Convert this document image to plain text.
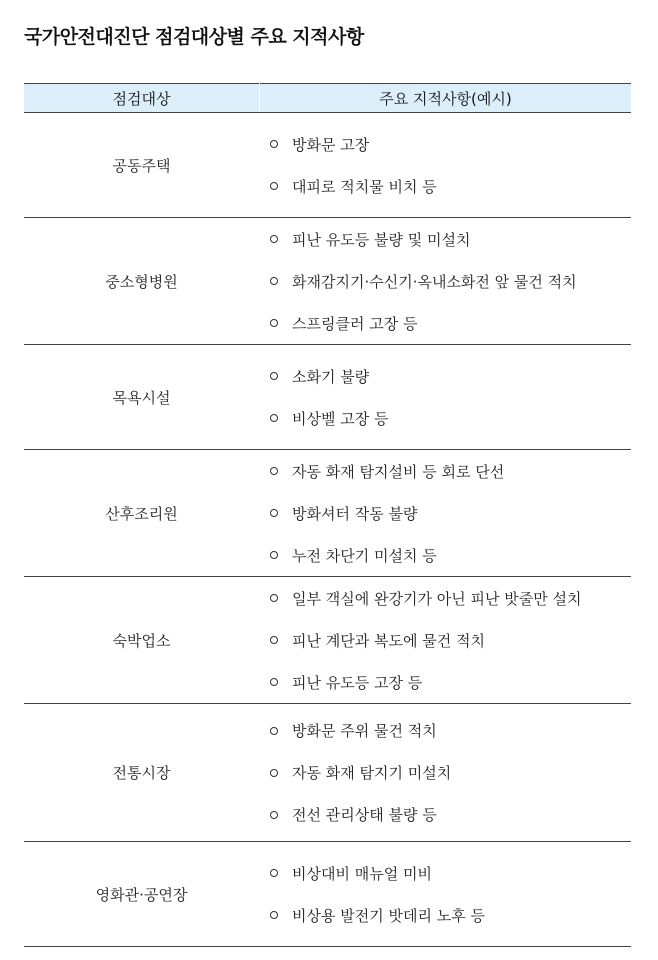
국가안전대진단 점검대상별 주요 지적사항
점검대상	주요 지적사항(예시)
공동주택	방화문 고장
대피로 적치물 비치 등

중소형병원	피난 유도등 불량 및 미설치
화재감지기·수신기·옥내소화전 앞 물건 적치
스프링클러 고장 등

목욕시설	소화기 불량
비상벨 고장 등

산후조리원	자동 화재 탐지설비 등 회로 단선
방화셔터 작동 불량
누전 차단기 미설치 등

숙박업소	일부 객실에 완강기가 아닌 피난 밧줄만 설치
피난 계단과 복도에 물건 적치
피난 유도등 고장 등

전통시장	방화문 주위 물건 적치
자동 화재 탐지기 미설치
전선 관리상태 불량 등

영화관·공연장	비상대비 매뉴얼 미비
비상용 발전기 밧데리 노후 등
